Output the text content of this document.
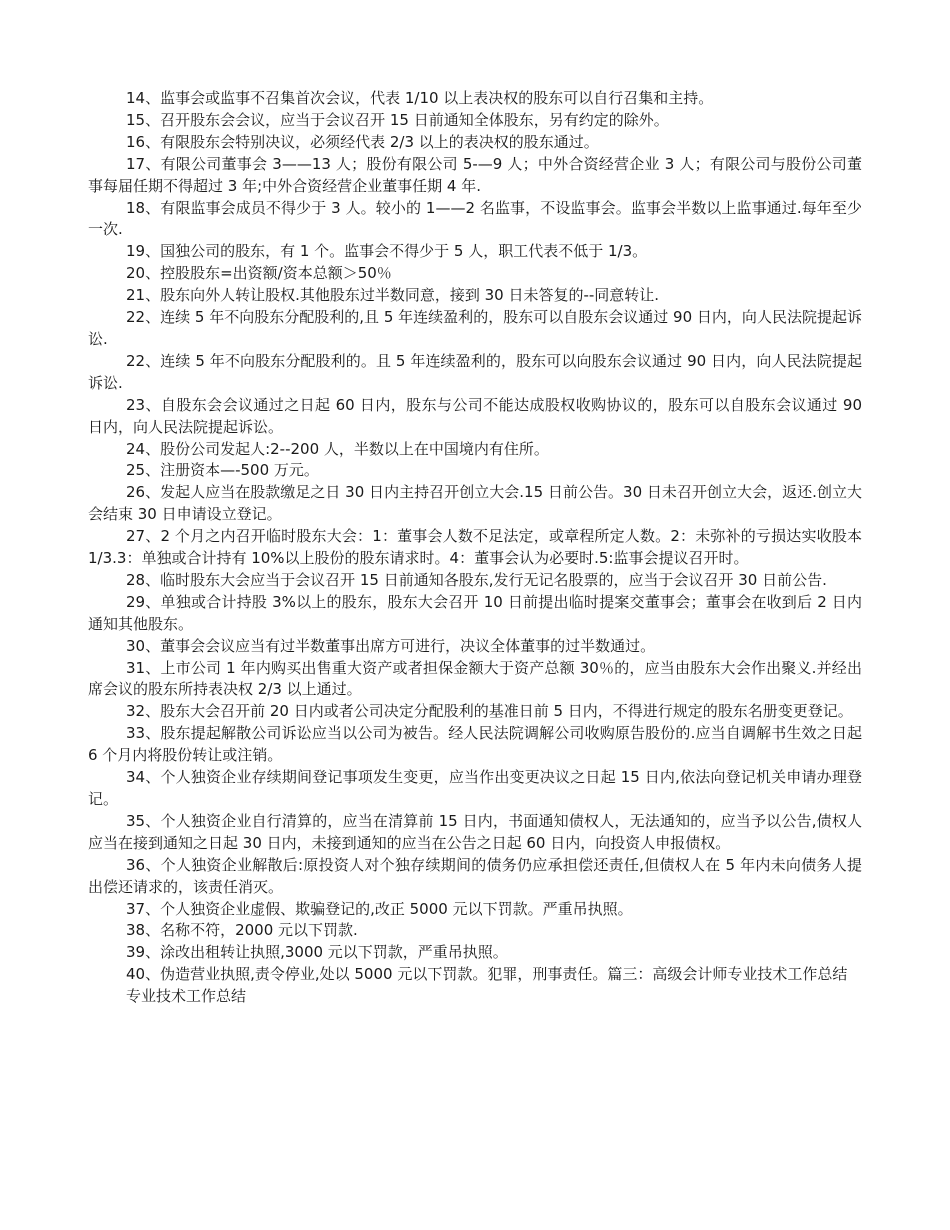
14、监事会或监事不召集首次会议，代表 1/10 以上表决权的股东可以自行召集和主持。

15、召开股东会会议，应当于会议召开 15 日前通知全体股东，另有约定的除外。

16、有限股东会特别决议，必须经代表 2/3 以上的表决权的股东通过。

17、有限公司董事会 3——13 人；股份有限公司 5-—9 人；中外合资经营企业 3 人；有限公司与股份公司董事每届任期不得超过 3 年;中外合资经营企业董事任期 4 年.

18、有限监事会成员不得少于 3 人。较小的 1——2 名监事，不设监事会。监事会半数以上监事通过.每年至少一次.

19、国独公司的股东，有 1 个。监事会不得少于 5 人，职工代表不低于 1/3。

20、控股股东=出资额/资本总额＞50％

21、股东向外人转让股权.其他股东过半数同意，接到 30 日未答复的--同意转让.

22、连续 5 年不向股东分配股利的,且 5 年连续盈利的，股东可以自股东会议通过 90 日内，向人民法院提起诉讼.

22、连续 5 年不向股东分配股利的。且 5 年连续盈利的，股东可以向股东会议通过 90 日内，向人民法院提起诉讼.

23、自股东会会议通过之日起 60 日内，股东与公司不能达成股权收购协议的，股东可以自股东会议通过 90 日内，向人民法院提起诉讼。

24、股份公司发起人:2--200 人，半数以上在中国境内有住所。

25、注册资本—-500 万元。

26、发起人应当在股款缴足之日 30 日内主持召开创立大会.15 日前公告。30 日未召开创立大会，返还.创立大会结束 30 日申请设立登记。

27、2 个月之内召开临时股东大会：1：董事会人数不足法定，或章程所定人数。2：未弥补的亏损达实收股本 1/3.3：单独或合计持有 10%以上股份的股东请求时。4：董事会认为必要时.5:监事会提议召开时。

28、临时股东大会应当于会议召开 15 日前通知各股东,发行无记名股票的，应当于会议召开 30 日前公告.

29、单独或合计持股 3%以上的股东，股东大会召开 10 日前提出临时提案交董事会；董事会在收到后 2 日内通知其他股东。

30、董事会会议应当有过半数董事出席方可进行，决议全体董事的过半数通过。

31、上市公司 1 年内购买出售重大资产或者担保金额大于资产总额 30％的，应当由股东大会作出聚义.并经出席会议的股东所持表决权 2/3 以上通过。

32、股东大会召开前 20 日内或者公司决定分配股利的基准日前 5 日内，不得进行规定的股东名册变更登记。

33、股东提起解散公司诉讼应当以公司为被告。经人民法院调解公司收购原告股份的.应当自调解书生效之日起 6 个月内将股份转让或注销。

34、个人独资企业存续期间登记事项发生变更，应当作出变更决议之日起 15 日内,依法向登记机关申请办理登记。

35、个人独资企业自行清算的，应当在清算前 15 日内，书面通知债权人，无法通知的，应当予以公告,债权人应当在接到通知之日起 30 日内，未接到通知的应当在公告之日起 60 日内，向投资人申报债权。

36、个人独资企业解散后:原投资人对个独存续期间的债务仍应承担偿还责任,但债权人在 5 年内未向债务人提出偿还请求的，该责任消灭。

37、个人独资企业虚假、欺骗登记的,改正 5000 元以下罚款。严重吊执照。

38、名称不符，2000 元以下罚款.

39、涂改出租转让执照,3000 元以下罚款，严重吊执照。

40、伪造营业执照,责令停业,处以 5000 元以下罚款。犯罪，刑事责任。篇三：高级会计师专业技术工作总结

专业技术工作总结
